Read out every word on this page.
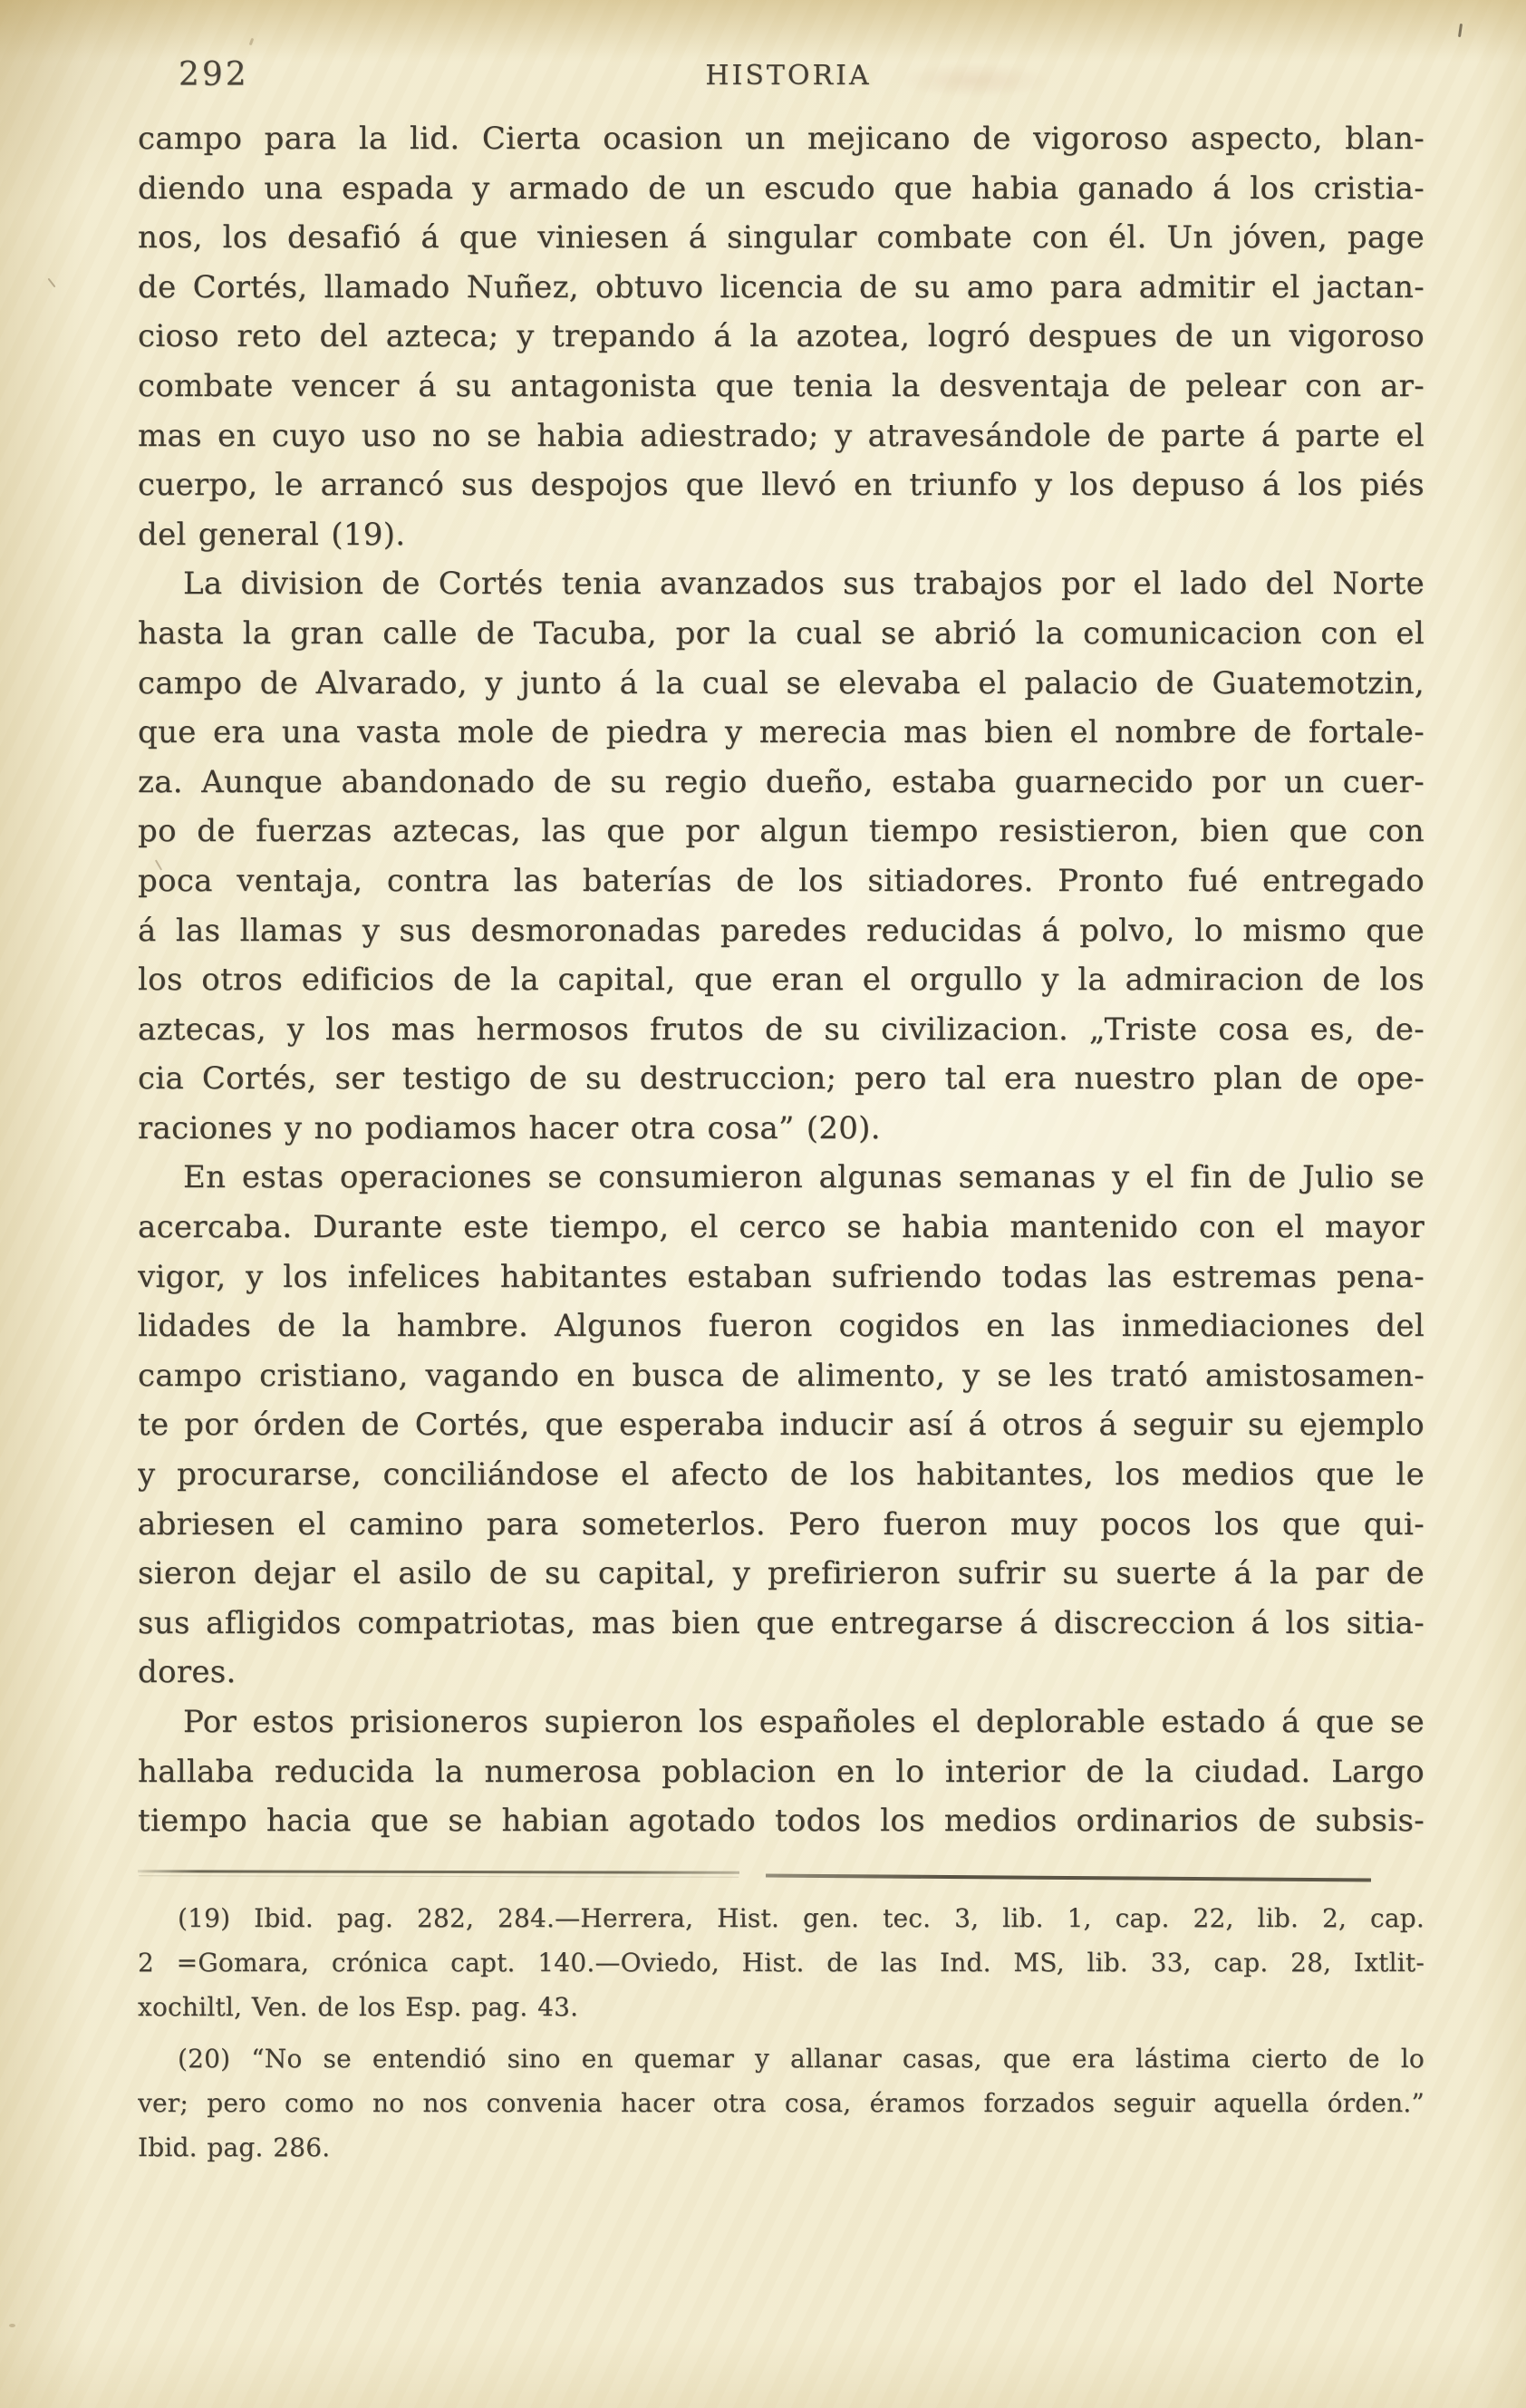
292	HISTORIA
campo para la lid. Cierta ocasion un mejicano de vigoroso aspecto, blan-
diendo una espada y armado de un escudo que habia ganado á los cristia-
nos, los desafió á que viniesen á singular combate con él. Un jóven, page
de Cortés, llamado Nuñez, obtuvo licencia de su amo para admitir el jactan-
cioso reto del azteca; y trepando á la azotea, logró despues de un vigoroso
combate vencer á su antagonista que tenia la desventaja de pelear con ar-
mas en cuyo uso no se habia adiestrado; y atravesándole de parte á parte el
cuerpo, le arrancó sus despojos que llevó en triunfo y los depuso á los piés
del general (19).
La division de Cortés tenia avanzados sus trabajos por el lado del Norte
hasta la gran calle de Tacuba, por la cual se abrió la comunicacion con el
campo de Alvarado, y junto á la cual se elevaba el palacio de Guatemotzin,
que era una vasta mole de piedra y merecia mas bien el nombre de fortale-
za. Aunque abandonado de su regio dueño, estaba guarnecido por un cuer-
po de fuerzas aztecas, las que por algun tiempo resistieron, bien que con
poca ventaja, contra las baterías de los sitiadores. Pronto fué entregado
á las llamas y sus desmoronadas paredes reducidas á polvo, lo mismo que
los otros edificios de la capital, que eran el orgullo y la admiracion de los
aztecas, y los mas hermosos frutos de su civilizacion. „Triste cosa es, de-
cia Cortés, ser testigo de su destruccion; pero tal era nuestro plan de ope-
raciones y no podiamos hacer otra cosa” (20).
En estas operaciones se consumieron algunas semanas y el fin de Julio se
acercaba. Durante este tiempo, el cerco se habia mantenido con el mayor
vigor, y los infelices habitantes estaban sufriendo todas las estremas pena-
lidades de la hambre. Algunos fueron cogidos en las inmediaciones del
campo cristiano, vagando en busca de alimento, y se les trató amistosamen-
te por órden de Cortés, que esperaba inducir así á otros á seguir su ejemplo
y procurarse, conciliándose el afecto de los habitantes, los medios que le
abriesen el camino para someterlos. Pero fueron muy pocos los que qui-
sieron dejar el asilo de su capital, y prefirieron sufrir su suerte á la par de
sus afligidos compatriotas, mas bien que entregarse á discreccion á los sitia-
dores.
Por estos prisioneros supieron los españoles el deplorable estado á que se
hallaba reducida la numerosa poblacion en lo interior de la ciudad. Largo
tiempo hacia que se habian agotado todos los medios ordinarios de subsis-
(19) Ibid. pag. 282, 284.—Herrera, Hist. gen. tec. 3, lib. 1, cap. 22, lib. 2, cap.
2 =Gomara, crónica capt. 140.—Oviedo, Hist. de las Ind. MS, lib. 33, cap. 28, Ixtlit-
xochiltl, Ven. de los Esp. pag. 43.
(20) “No se entendió sino en quemar y allanar casas, que era lástima cierto de lo
ver; pero como no nos convenia hacer otra cosa, éramos forzados seguir aquella órden.”
Ibid. pag. 286.
